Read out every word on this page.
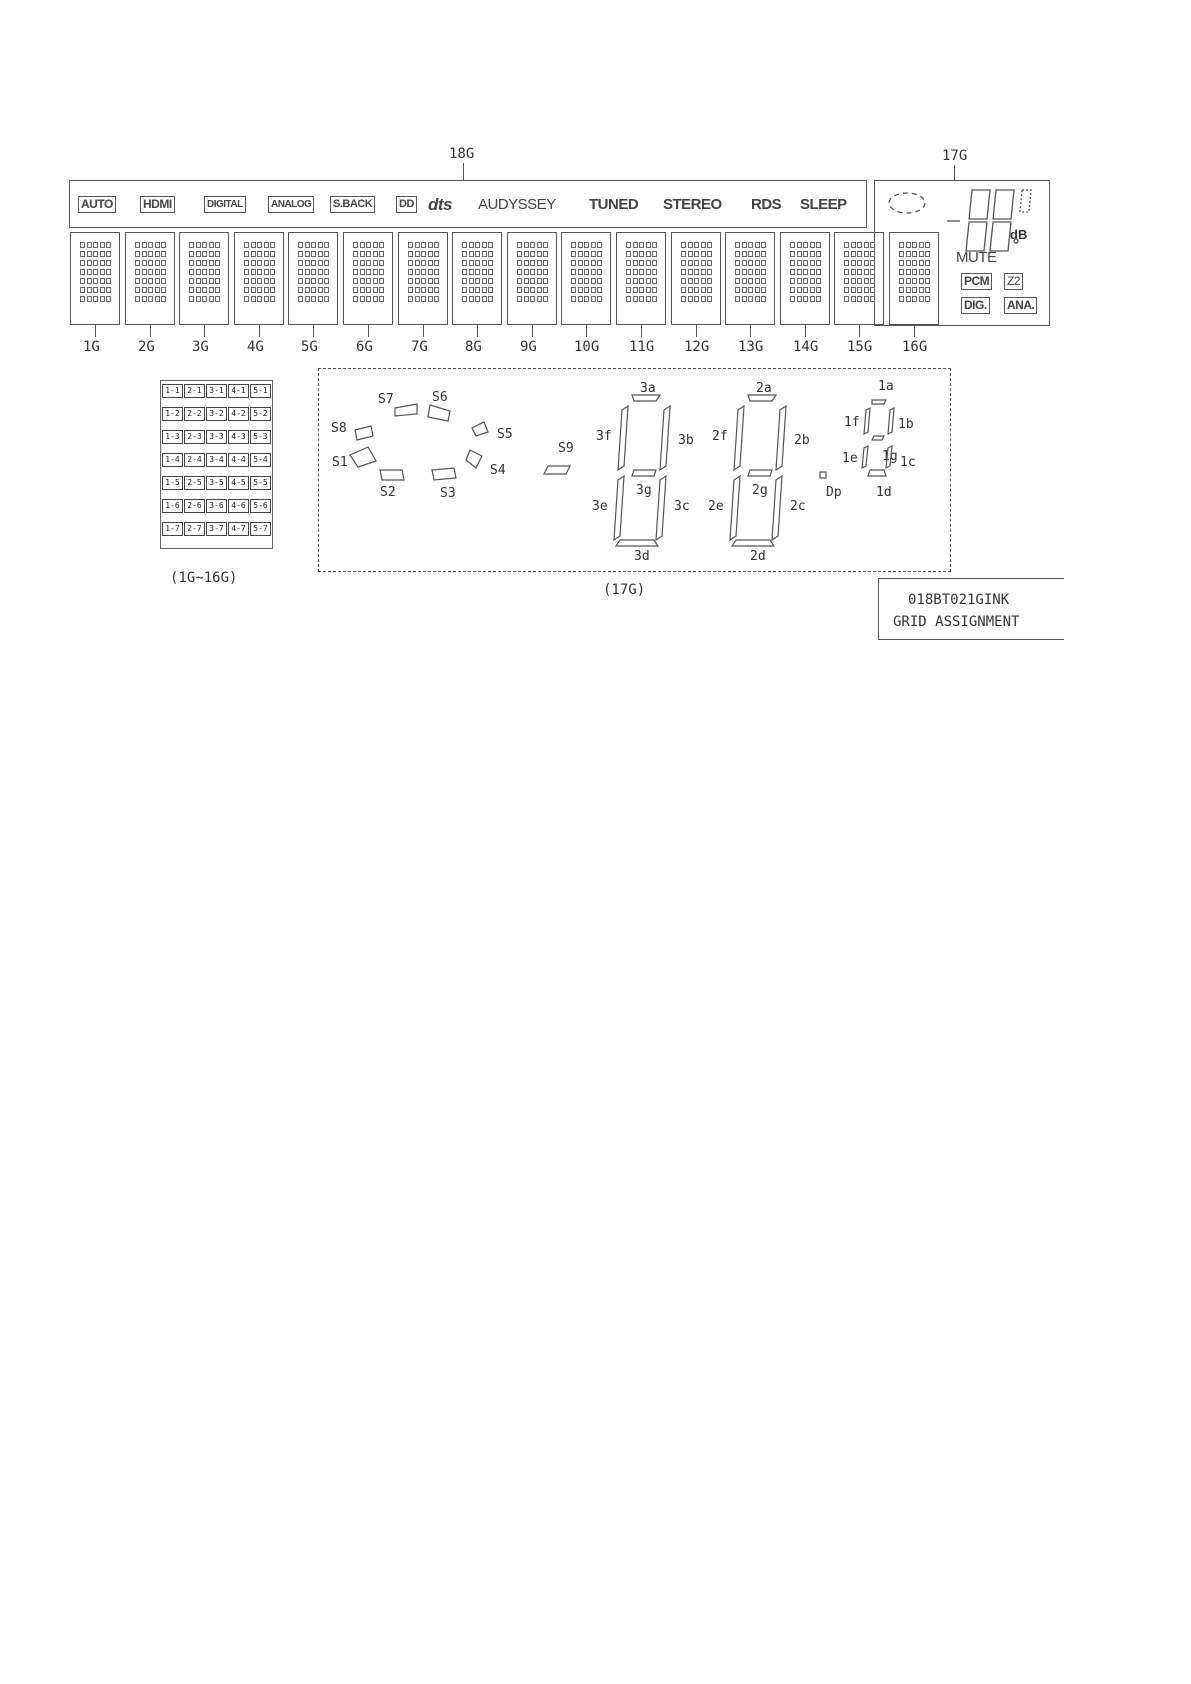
18G	17G
AUTO	HDMI	DIGITAL	ANALOG S.BACK DD dts AUDYSSEY TUNED STEREO RDS SLEEP
dB
MUTE
PCM Z2
DIG. ANA.
1G	2G	3G	4G	5G	6G	7G	8G	9G	10G 11G 12G 13G 14G 15G 16G
1-1 2-1 3-1 4-1 5-1
1-2 2-2 3-2 4-2 5-2
1-3 2-3 3-3 4-3 5-3
1-4 2-4 3-4 4-4 5-4
1-5 2-5 3-5 4-5 5-5
1-6 2-6 3-6 4-6 5-6
1-7 2-7 3-7 4-7 5-7
(1G~16G)
(17G)
018BT021GINK
GRID ASSIGNMENT
S1
S2	S3
S4
S5
S6
S7
S8
S9
3a
3b
3c
3d
3e
3f
3g
2a
2b
2c
2d
2e
2f
2g
1a
1b
1c
1d
1e
1f
1g
Dp
